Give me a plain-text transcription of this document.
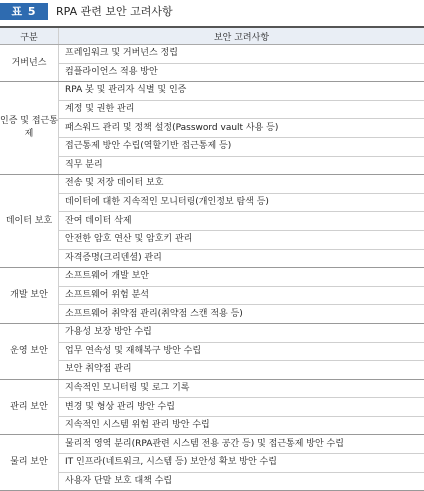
표 5	RPA 관련 보안 고려사항
구분	보안 고려사항
거버넌스	프레임워크 및 거버넌스 정립
	컴플라이언스 적용 방안
인증 및 접근통제	RPA 봇 및 관리자 식별 및 인증
	계정 및 권한 관리
	패스워드 관리 및 정책 설정(Password vault 사용 등)
	접근통제 방안 수립(역할기반 접근통제 등)
	직무 분리
데이터 보호	전송 및 저장 데이터 보호
	데이터에 대한 지속적인 모니터링(개인정보 탐색 등)
	잔여 데이터 삭제
	안전한 암호 연산 및 암호키 관리
	자격증명(크리덴셜) 관리
개발 보안	소프트웨어 개발 보안
	소프트웨어 위험 분석
	소프트웨어 취약점 관리(취약점 스캔 적용 등)
운영 보안	가용성 보장 방안 수립
	업무 연속성 및 재해복구 방안 수립
	보안 취약점 관리
관리 보안	지속적인 모니터링 및 로그 기록
	변경 및 형상 관리 방안 수립
	지속적인 시스템 위험 관리 방안 수립
물리 보안	물리적 영역 분리(RPA관련 시스템 전용 공간 등) 및 접근통제 방안 수립
	IT 인프라(네트워크, 시스템 등) 보안성 확보 방안 수립
	사용자 단말 보호 대책 수립
